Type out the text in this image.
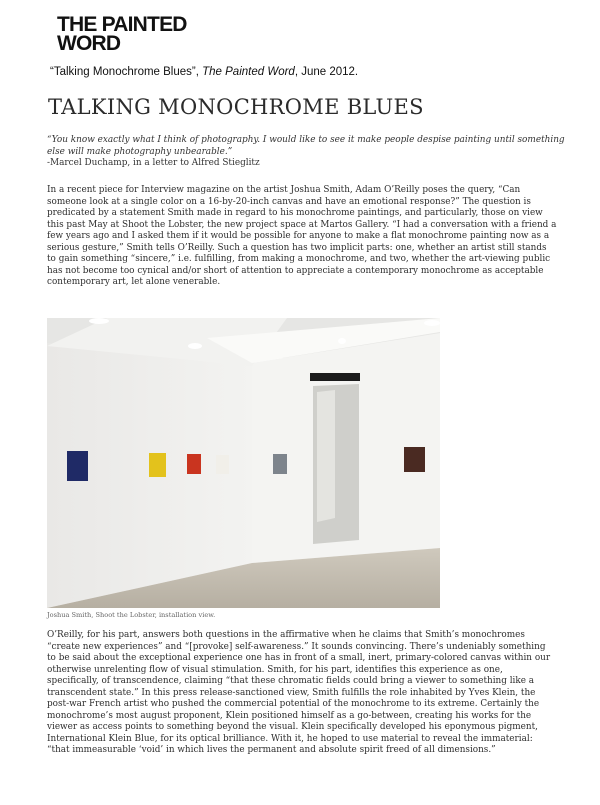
THE PAINTED
WORD
“Talking Monochrome Blues”, The Painted Word, June 2012.
TALKING MONOCHROME BLUES
“You know exactly what I think of photography. I would like to see it make people despise painting until something else will make photography unbearable.”
-Marcel Duchamp, in a letter to Alfred Stieglitz

In a recent piece for Interview magazine on the artist Joshua Smith, Adam O’Reilly poses the query, “Can someone look at a single color on a 16-by-20-inch canvas and have an emotional response?” The question is predicated by a statement Smith made in regard to his monochrome paintings, and particularly, those on view this past May at Shoot the Lobster, the new project space at Martos Gallery. “I had a conversation with a friend a few years ago and I asked them if it would be possible for anyone to make a flat monochrome painting now as a serious gesture,” Smith tells O’Reilly. Such a question has two implicit parts: one, whether an artist still stands to gain something “sincere,” i.e. fulfilling, from making a monochrome, and two, whether the art-viewing public has not become too cynical and/or short of attention to appreciate a contemporary monochrome as acceptable contemporary art, let alone venerable.

Joshua Smith, Shoot the Lobster, installation view.

O’Reilly, for his part, answers both questions in the affirmative when he claims that Smith’s monochromes “create new experiences” and “[provoke] self-awareness.” It sounds convincing. There’s undeniably something to be said about the exceptional experience one has in front of a small, inert, primary-colored canvas within our otherwise unrelenting flow of visual stimulation. Smith, for his part, identifies this experience as one, specifically, of transcendence, claiming “that these chromatic fields could bring a viewer to something like a transcendent state.” In this press release-sanctioned view, Smith fulfills the role inhabited by Yves Klein, the post-war French artist who pushed the commercial potential of the monochrome to its extreme. Certainly the monochrome’s most august proponent, Klein positioned himself as a go-between, creating his works for the viewer as access points to something beyond the visual. Klein specifically developed his eponymous pigment, International Klein Blue, for its optical brilliance. With it, he hoped to use material to reveal the immaterial: “that immeasurable ‘void’ in which lives the permanent and absolute spirit freed of all dimensions.”
